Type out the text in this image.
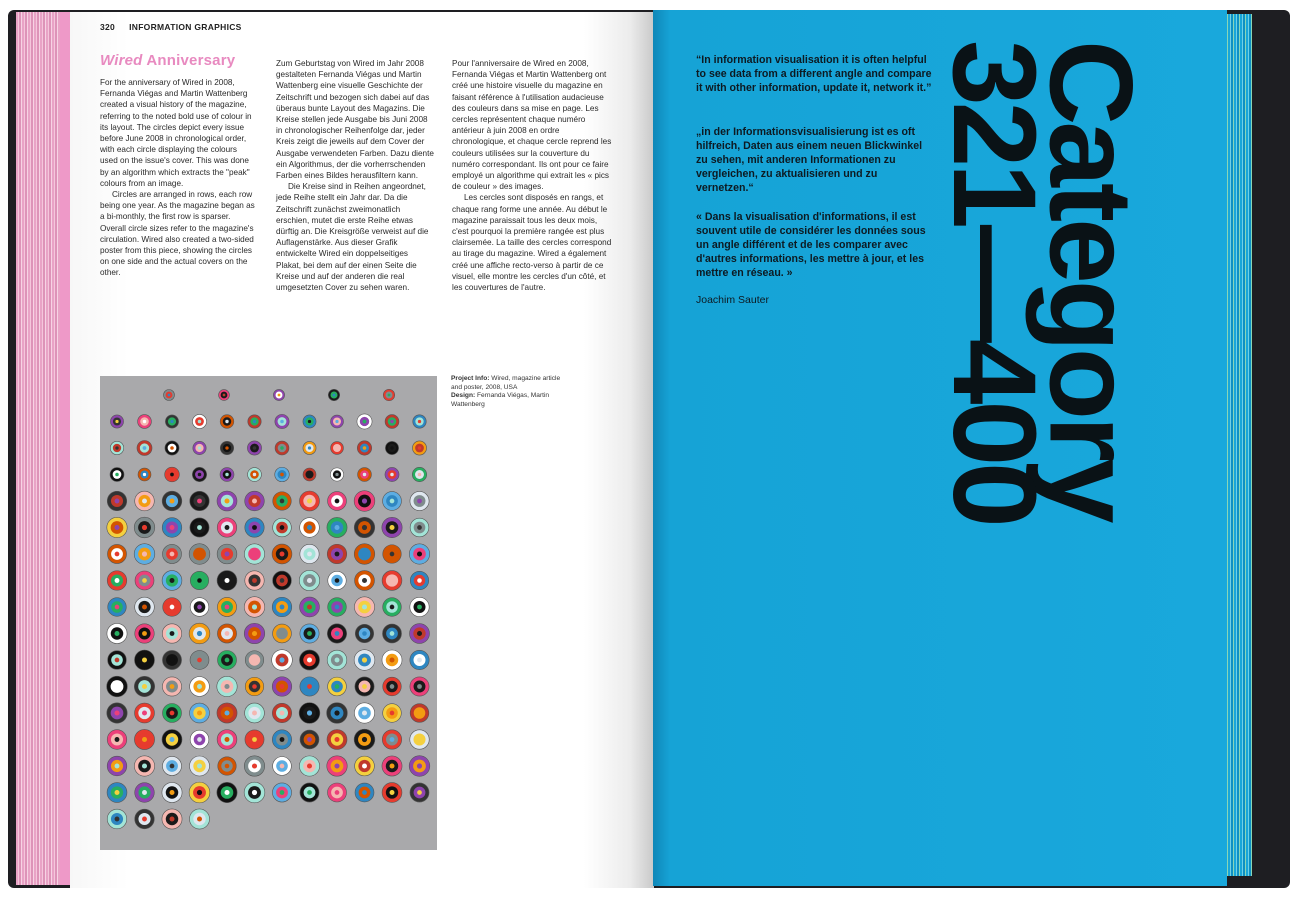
320 INFORMATION GRAPHICS
Wired Anniversary

For the anniversary of Wired in 2008, Fernanda Viégas and Martin Wattenberg created a visual history of the magazine, referring to the noted bold use of colour in its layout. The circles depict every issue before June 2008 in chronological order, with each circle displaying the colours used on the issue's cover. This was done by an algorithm which extracts the "peak" colours from an image.

Circles are arranged in rows, each row being one year. As the magazine began as a bi-monthly, the first row is sparser. Overall circle sizes refer to the magazine's circulation. Wired also created a two-sided poster from this piece, showing the circles on one side and the actual covers on the other.

Zum Geburtstag von Wired im Jahr 2008 gestalteten Fernanda Viégas und Martin Wattenberg eine visuelle Geschichte der Zeitschrift und bezogen sich dabei auf das überaus bunte Layout des Magazins. Die Kreise stellen jede Ausgabe bis Juni 2008 in chronologischer Reihenfolge dar, jeder Kreis zeigt die jeweils auf dem Cover der Ausgabe verwendeten Farben. Dazu diente ein Algorithmus, der die vorherrschenden Farben eines Bildes herausfiltern kann.

Die Kreise sind in Reihen angeordnet, jede Reihe stellt ein Jahr dar. Da die Zeitschrift zunächst zweimonatlich erschien, mutet die erste Reihe etwas dürftig an. Die Kreisgröße verweist auf die Auflagenstärke. Aus dieser Grafik entwickelte Wired ein doppelseitiges Plakat, bei dem auf der einen Seite die Kreise und auf der anderen die real umgesetzten Cover zu sehen waren.

Pour l'anniversaire de Wired en 2008, Fernanda Viégas et Martin Wattenberg ont créé une histoire visuelle du magazine en faisant référence à l'utilisation audacieuse des couleurs dans sa mise en page. Les cercles représentent chaque numéro antérieur à juin 2008 en ordre chronologique, et chaque cercle reprend les couleurs utilisées sur la couverture du numéro correspondant. Ils ont pour ce faire employé un algorithme qui extrait les « pics de couleur » des images.

Les cercles sont disposés en rangs, et chaque rang forme une année. Au début le magazine paraissait tous les deux mois, c'est pourquoi la première rangée est plus clairsemée. La taille des cercles correspond au tirage du magazine. Wired a également créé une affiche recto-verso à partir de ce visuel, elle montre les cercles d'un côté, et les couvertures de l'autre.

Project Info: Wired, magazine article and poster, 2008, USA
Design: Fernanda Viégas, Martin Wattenberg
“In information visualisation it is often helpful to see data from a different angle and compare it with other information, update it, network it.”
„in der Informationsvisualisierung ist es oft hilfreich, Daten aus einem neuen Blickwinkel zu sehen, mit anderen Informationen zu vergleichen, zu aktualisieren und zu vernetzen.“
« Dans la visualisation d'informations, il est souvent utile de considérer les données sous un angle différent et de les comparer avec d'autres informations, les mettre à jour, et les mettre en réseau. »
Joachim Sauter Category
321—400
